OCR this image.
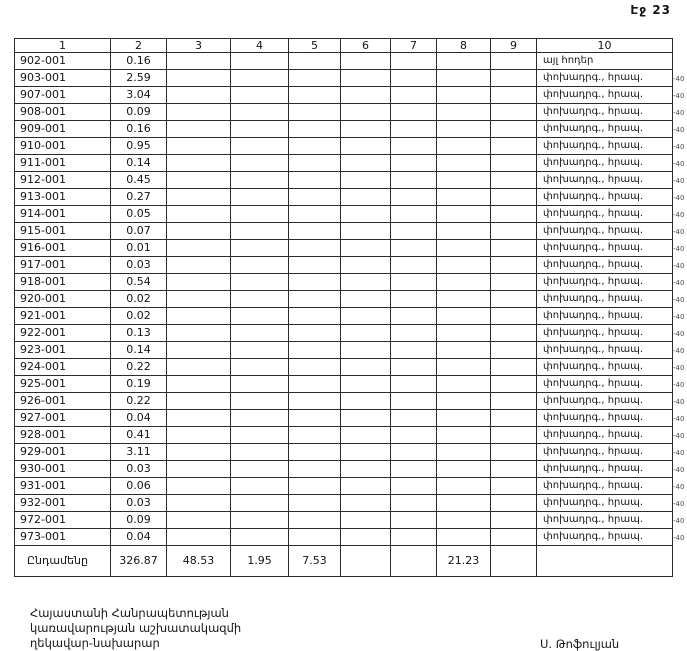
Էջ 23
1	2	3	4	5	6	7	8	9	10
902-001	0.16								այլ հոդեր
903-001	2.59								փոխադրգ., հրապ.
907-001	3.04								փոխադրգ., հրապ.
908-001	0.09								փոխադրգ., հրապ.
909-001	0.16								փոխադրգ., հրապ.
910-001	0.95								փոխադրգ., հրապ.
911-001	0.14								փոխադրգ., հրապ.
912-001	0.45								փոխադրգ., հրապ.
913-001	0.27								փոխադրգ., հրապ.
914-001	0.05								փոխադրգ., հրապ.
915-001	0.07								փոխադրգ., հրապ.
916-001	0.01								փոխադրգ., հրապ.
917-001	0.03								փոխադրգ., հրապ.
918-001	0.54								փոխադրգ., հրապ.
920-001	0.02								փոխադրգ., հրապ.
921-001	0.02								փոխադրգ., հրապ.
922-001	0.13								փոխադրգ., հրապ.
923-001	0.14								փոխադրգ., հրապ.
924-001	0.22								փոխադրգ., հրապ.
925-001	0.19								փոխադրգ., հրապ.
926-001	0.22								փոխադրգ., հրապ.
927-001	0.04								փոխադրգ., հրապ.
928-001	0.41								փոխադրգ., հրապ.
929-001	3.11								փոխադրգ., հրապ.
930-001	0.03								փոխադրգ., հրապ.
931-001	0.06								փոխադրգ., հրապ.
932-001	0.03								փոխադրգ., հրապ.
972-001	0.09								փոխադրգ., հրապ.
973-001	0.04								փոխադրգ., հրապ.
Ընդամենը	326.87	48.53	1.95	7.53			21.23		
-40
-40
-40
-40
-40
-40
-40
-40
-40
-40
-40
-40
-40
-40
-40
-40
-40
-40
-40
-40
-40
-40
-40
-40
-40
-40
-40
-40
Հայաստանի Հանրապետության
կառավարության աշխատակազմի
ղեկավար-նախարար	Ս. Թոֆուլյան
